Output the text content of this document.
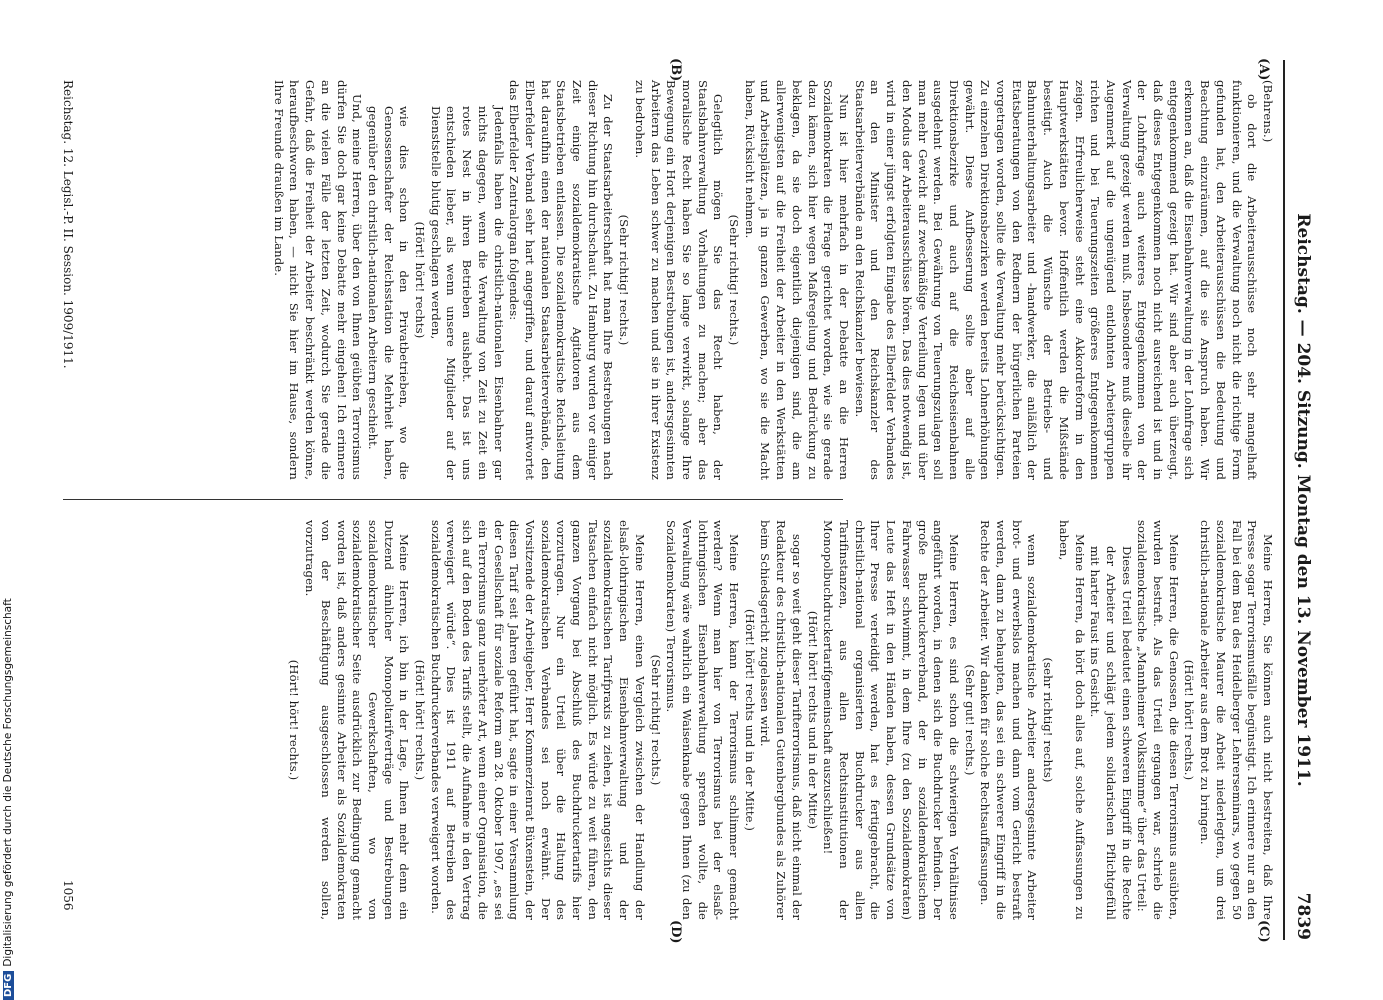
Reichstag. — 204. Sitzung. Montag den 13. November 1911.
7839
(A)
(B)
(C)
(D)

(Behrens.)

ob dort die Arbeiterausschüsse noch sehr mangelhaft funktionieren, und die Verwaltung noch nicht die richtige Form gefunden hat, den Arbeiterausschüssen die Bedeutung und Beachtung einzuräumen, auf die sie Anspruch haben. Wir erkennen an, daß die Eisenbahnverwaltung in der Lohnfrage sich entgegenkommend gezeigt hat. Wir sind aber auch überzeugt, daß dieses Entgegenkommen noch nicht ausreichend ist und in der Lohnfrage auch weiteres Entgegenkommen von der Verwaltung gezeigt werden muß. Insbesondere muß dieselbe ihr Augenmerk auf die ungenügend entlohnten Arbeitergruppen richten und bei Teuerungszeiten größeres Entgegenkommen zeigen. Erfreulicherweise steht eine Akkordreform in den Hauptwerkstätten bevor. Hoffentlich werden die Mißstände beseitigt. Auch die Wünsche der Betriebs- und Bahnunterhaltungsarbeiter und -handwerker, die anläßlich der Etatsberatungen von den Rednern der bürgerlichen Parteien vorgetragen worden, sollte die Verwaltung mehr berücksichtigen. Zu einzelnen Direktionsbezirken werden bereits Lohnerhöhungen gewährt. Diese Aufbesserung sollte aber auf alle Direktionsbezirke und auch auf die Reichseisenbahnen ausgedehnt werden. Bei Gewährung von Teuerungszulagen soll man mehr Gewicht auf zweckmäßige Verteilung legen und über den Modus der Arbeiterausschüsse hören. Das dies notwendig ist, wird in einer jüngst erfolgten Eingabe des Elberfelder Verbandes an den Minister und den Reichskanzler des Staatsarbeiterverbände an den Reichskanzler bewiesen.

Nun ist hier mehrfach in der Debatte an die Herren Sozialdemokraten die Frage gerichtet worden, wie sie gerade dazu kämen, sich hier wegen Maßregelung und Bedrückung zu beklagen, da sie doch eigentlich diejenigen sind, die am allerwenigsten auf die Freiheit der Arbeiter in den Werkstätten und Arbeitsplätzen, ja in ganzen Gewerben, wo sie die Macht haben, Rücksicht nehmen.

(Sehr richtig! rechts.)

Gelegtlich mögen Sie das Recht haben, der Staatsbahnverwaltung Vorhaltungen zu machen; aber das moralische Recht haben Sie so lange verwirkt, solange Ihre Bewegung ein Hort derjenigen Bestrebungen ist, andersgesinnten Arbeitern das Leben schwer zu machen und sie in ihrer Existenz zu bedrohen.

(Sehr richtig! rechts.)

Zu der Staatsarbeiterschaft hat man Ihre Bestrebungen nach dieser Richtung hin durchschaut. Zu Hamburg wurden vor einiger Zeit einige sozialdemokratische Agitatoren aus dem Staatsbetrieben entlassen. Die sozialdemokratische Reichsleitung hat daraufhin einen der nationalen Staatsarbeiterverbände, den Elberfelder Verband sehr hart angegriffen, und darauf antwortet das Elberfelder Zentralorgan folgendes:

Jedenfalls haben die christlich-nationalen Eisenbahner gar nichts dagegen, wenn die Verwaltung von Zeit zu Zeit ein rotes Nest in ihren Betrieben aushebt. Das ist uns entschieden lieber, als wenn unsere Mitglieder auf der Dienststelle blutig geschlagen werden,

(Hört! hört! rechts)

wie dies schon in den Privatbetrieben, wo die Genossenschafter der Reichsstation die Mehrheit haben, gegenüber den christlich-nationalen Arbeitern geschieht.

Und, meine Herren, über den von Ihnen geübten Terrorismus dürfen Sie doch gar keine Debatte mehr eingehen! Ich erinnere an die vielen Fälle der letzten Zeit, wodurch Sie gerade die Gefahr, daß die Freiheit der Arbeiter beschränkt werden könne, heraufbeschworen haben, — nicht Sie hier im Hause, sondern Ihre Freunde draußen im Lande.

Meine Herren, Sie können auch nicht bestreiten, daß Ihre Presse sogar Terrorismusfälle begünstigt. Ich erinnere nur an den Fall bei dem Bau des Heidelberger Lehrerseminars, wo gegen 50 sozialdemokratische Maurer die Arbeit niederlegten, um drei christlich-nationale Arbeiter aus dem Brot zu bringen.

(Hört! hört! rechts.)

Meine Herren, die Genossen, die diesen Terrorismus ausübten, wurden bestraft. Als das Urteil ergangen war, schrieb die sozialdemokratische „Mannheimer Volksstimme“ über das Urteil:

Dieses Urteil bedeutet einen schweren Eingriff in die Rechte der Arbeiter und schlägt jedem solidarischen Pflichtgefühl mit harter Faust ins Gesicht.

Meine Herren, da hört doch alles auf, solche Auffassungen zu haben,

(sehr richtig! rechts)

wenn sozialdemokratische Arbeiter andersgesinnte Arbeiter brot- und erwerbslos machen und dann vom Gericht bestraft werden, dann zu behaupten, das sei ein schwerer Eingriff in die Rechte der Arbeiter. Wir danken für solche Rechtsauffassungen.

(Sehr gut! rechts.)

Meine Herren, es sind schon die schwierigen Verhältnisse angeführt worden, in denen sich die Buchdrucker befinden. Der große Buchdruckerverband, der in sozialdemokratischem Fahrwasser schwimmt, in dem Ihre (zu den Sozialdemokraten) Leute das Heft in den Händen haben, dessen Grundsätze von Ihrer Presse verteidigt werden, hat es fertiggebracht, die christlich-national organisierten Buchdrucker aus allen Tarifinstanzen, aus allen Rechtsinstitutionen der Monopolbuchdruckertarifgemeinschaft auszuschließen!

(Hört! hört! rechts und in der Mitte)

sogar so weit geht dieser Tarifterrorismus, daß nicht einmal der Redakteur des christlich-nationalen Gutenbergbundes als Zuhörer beim Schiedsgericht zugelassen wird.

(Hört! hört! rechts und in der Mitte.)

Meine Herren, kann der Terrorismus schlimmer gemacht werden? Wenn man hier von Terrorismus bei der elsaß-lothringischen Eisenbahnverwaltung sprechen wollte, die Verwaltung wäre wahrlich ein Waisenknabe gegen Ihnen (zu den Sozialdemokraten) Terrorismus.

(Sehr richtig! rechts.)

Meine Herren, einen Vergleich zwischen der Handlung der elsaß-lothringischen Eisenbahnverwaltung und der sozialdemokratischen Tarifpraxis zu ziehen, ist angesichts dieser Tatsachen einfach nicht möglich. Es würde zu weit führen, den ganzen Vorgang bei Abschluß des Buchdruckertarifs hier vorzutragen. Nur ein Urteil über die Haltung des sozialdemokratischen Verbandes sei noch erwähnt. Der Vorsitzende der Arbeitgeber, Herr Kommerzienrat Büxenstein, der diesen Tarif seit Jahren geführt hat, sagte in einer Versammlung der Gesellschaft für soziale Reform am 28. Oktober 1907, „es sei ein Terrorismus ganz unerhörter Art, wenn einer Organisation, die sich auf den Boden des Tarifs stellt, die Aufnahme in den Vertrag verweigert würde“. Dies ist 1911 auf Betreiben des sozialdemokratischen Buchdruckerverbandes verweigert worden.

(Hört! hört! rechts.)

Meine Herren, ich bin in der Lage, Ihnen mehr denn ein Dutzend ähnlicher Monopoltarifverträge und Bestrebungen sozialdemokratischer Gewerkschaften, wo von sozialdemokratischer Seite ausdrücklich zur Bedingung gemacht worden ist, daß anders gesinnte Arbeiter als Sozialdemokraten von der Beschäftigung ausgeschlossen werden sollen, vorzutragen.

(Hört! hört! rechts.)

Reichstag. 12. Legisl.-P. II. Session. 1909/1911.
1056
DFGDigitalisierung gefördert durch die Deutsche Forschungsgemeinschaft
